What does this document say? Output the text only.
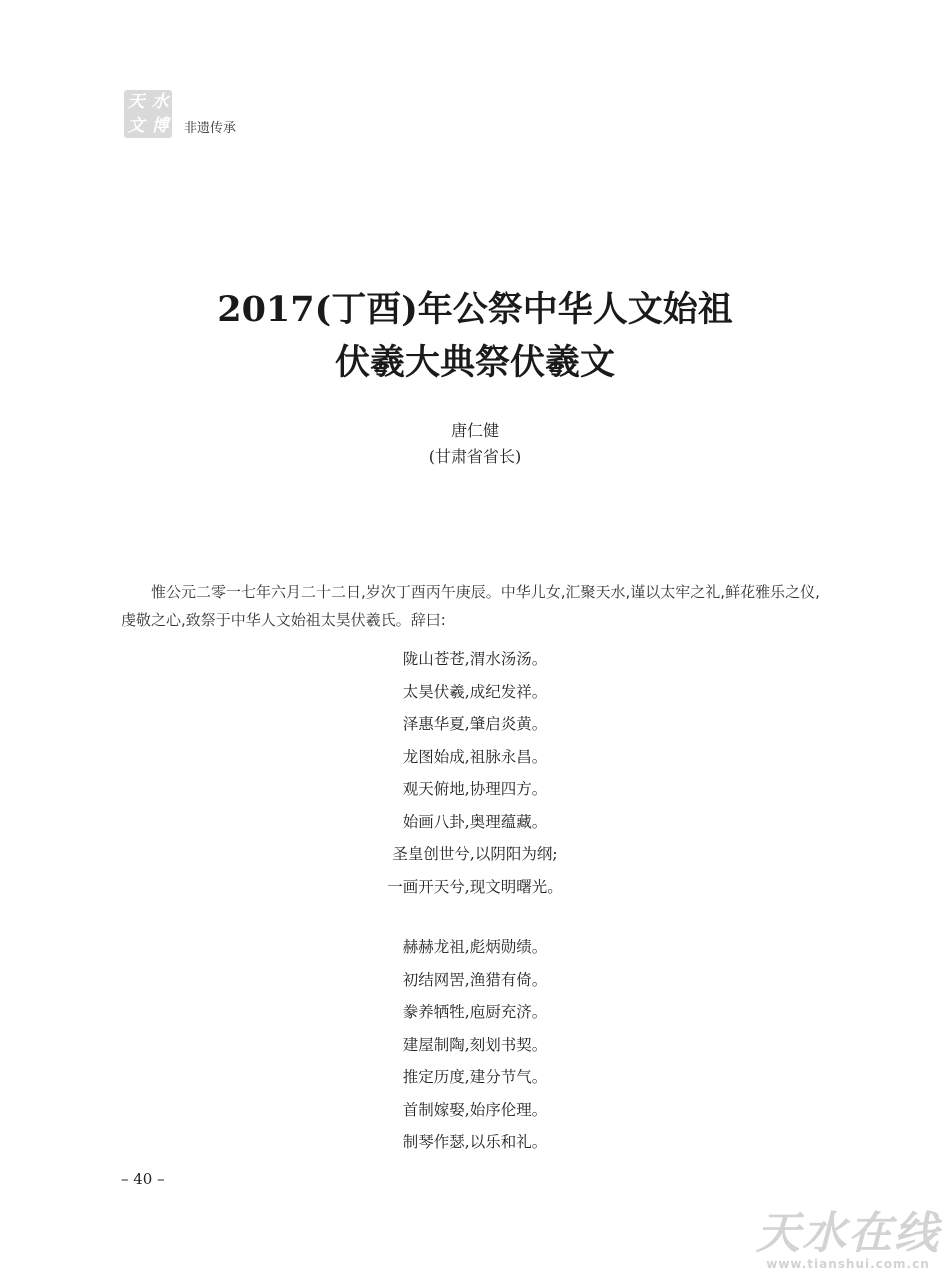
天 水
文 博 非遗传承
2017(丁酉)年公祭中华人文始祖
伏羲大典祭伏羲文
唐仁健
(甘肃省省长)

惟公元二零一七年六月二十二日,岁次丁酉丙午庚辰。中华儿女,汇聚天水,谨以太牢之礼,鲜花雅乐之仪,虔敬之心,致祭于中华人文始祖太昊伏羲氏。辞曰:

陇山苍苍,渭水汤汤。
太昊伏羲,成纪发祥。
泽惠华夏,肇启炎黄。
龙图始成,祖脉永昌。
观天俯地,协理四方。
始画八卦,奥理蕴藏。
圣皇创世兮,以阴阳为纲;
一画开天兮,现文明曙光。
赫赫龙祖,彪炳勋绩。
初结网罟,渔猎有倚。
豢养牺牲,庖厨充济。
建屋制陶,刻划书契。
推定历度,建分节气。
首制嫁娶,始序伦理。
制琴作瑟,以乐和礼。
– 40 –
天水在线
www.tianshui.com.cn
